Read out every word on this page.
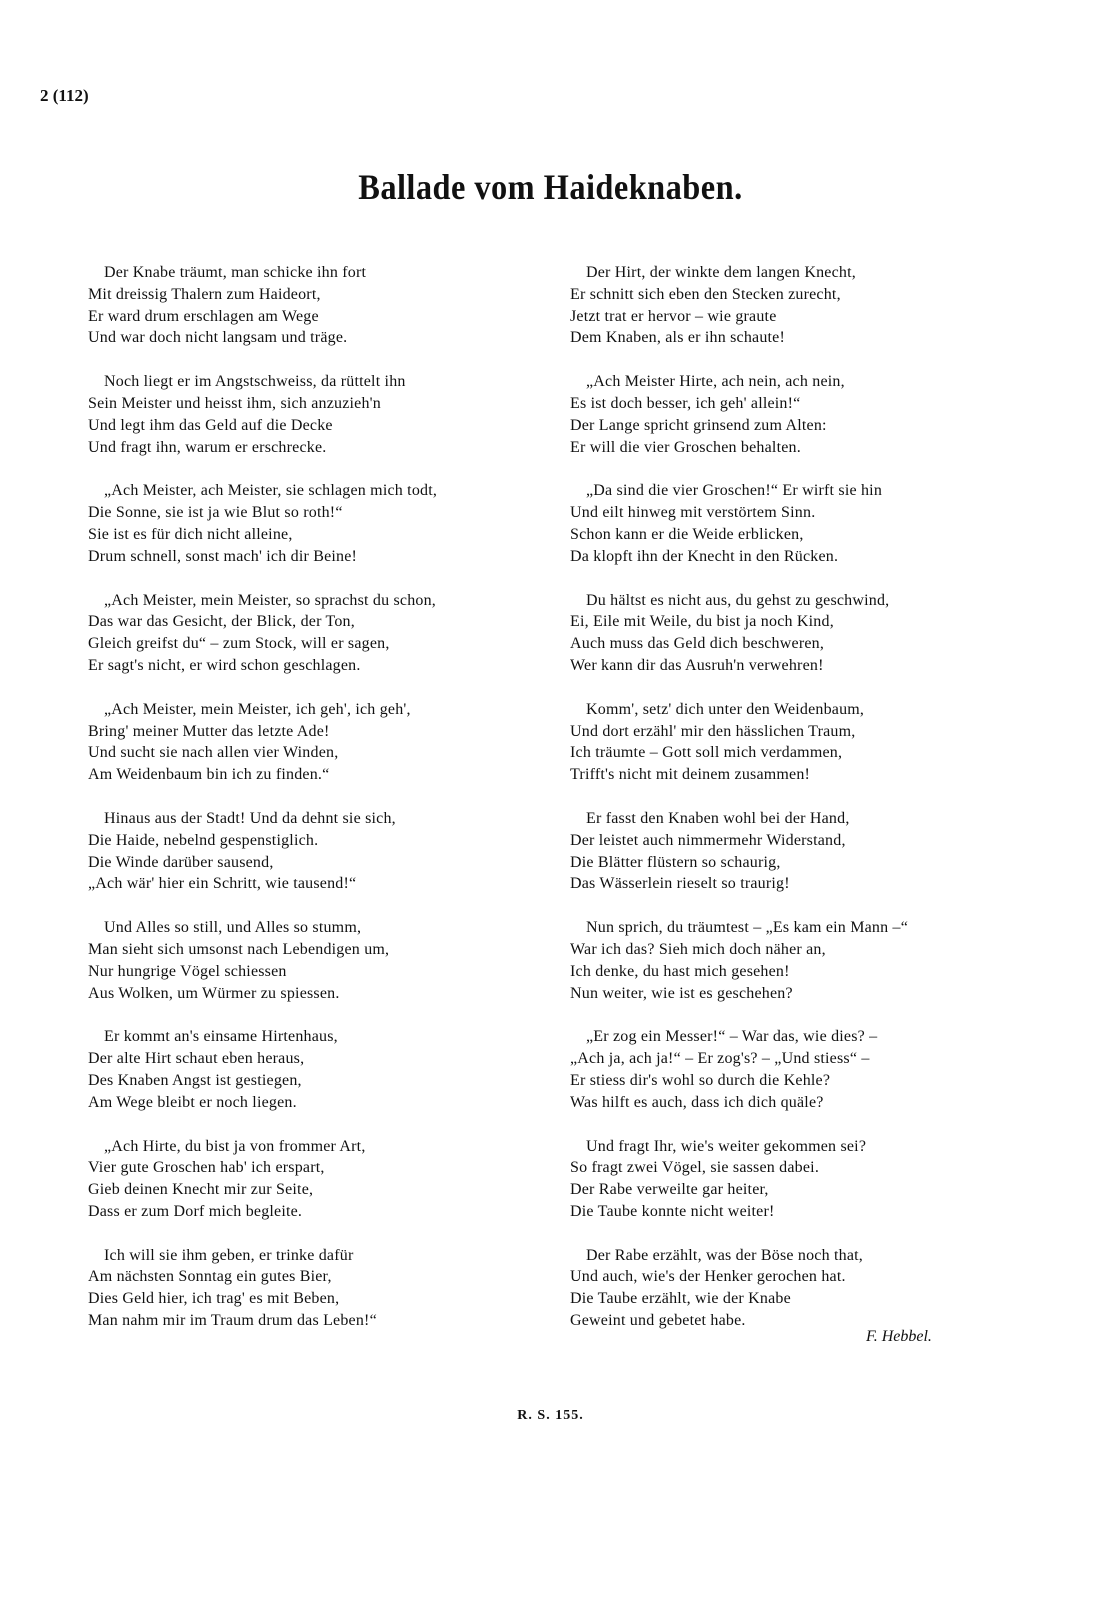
2 (112)
Ballade vom Haideknaben.
Der Knabe träumt, man schicke ihn fort
Mit dreissig Thalern zum Haideort,
Er ward drum erschlagen am Wege
Und war doch nicht langsam und träge.
Noch liegt er im Angstschweiss, da rüttelt ihn
Sein Meister und heisst ihm, sich anzuzieh'n
Und legt ihm das Geld auf die Decke
Und fragt ihn, warum er erschrecke.
„Ach Meister, ach Meister, sie schlagen mich todt,
Die Sonne, sie ist ja wie Blut so roth!“
Sie ist es für dich nicht alleine,
Drum schnell, sonst mach' ich dir Beine!
„Ach Meister, mein Meister, so sprachst du schon,
Das war das Gesicht, der Blick, der Ton,
Gleich greifst du“ – zum Stock, will er sagen,
Er sagt's nicht, er wird schon geschlagen.
„Ach Meister, mein Meister, ich geh', ich geh',
Bring' meiner Mutter das letzte Ade!
Und sucht sie nach allen vier Winden,
Am Weidenbaum bin ich zu finden.“
Hinaus aus der Stadt! Und da dehnt sie sich,
Die Haide, nebelnd gespenstiglich.
Die Winde darüber sausend,
„Ach wär' hier ein Schritt, wie tausend!“
Und Alles so still, und Alles so stumm,
Man sieht sich umsonst nach Lebendigen um,
Nur hungrige Vögel schiessen
Aus Wolken, um Würmer zu spiessen.
Er kommt an's einsame Hirtenhaus,
Der alte Hirt schaut eben heraus,
Des Knaben Angst ist gestiegen,
Am Wege bleibt er noch liegen.
„Ach Hirte, du bist ja von frommer Art,
Vier gute Groschen hab' ich erspart,
Gieb deinen Knecht mir zur Seite,
Dass er zum Dorf mich begleite.
Ich will sie ihm geben, er trinke dafür
Am nächsten Sonntag ein gutes Bier,
Dies Geld hier, ich trag' es mit Beben,
Man nahm mir im Traum drum das Leben!“
Der Hirt, der winkte dem langen Knecht,
Er schnitt sich eben den Stecken zurecht,
Jetzt trat er hervor – wie graute
Dem Knaben, als er ihn schaute!
„Ach Meister Hirte, ach nein, ach nein,
Es ist doch besser, ich geh' allein!“
Der Lange spricht grinsend zum Alten:
Er will die vier Groschen behalten.
„Da sind die vier Groschen!“ Er wirft sie hin
Und eilt hinweg mit verstörtem Sinn.
Schon kann er die Weide erblicken,
Da klopft ihn der Knecht in den Rücken.
Du hältst es nicht aus, du gehst zu geschwind,
Ei, Eile mit Weile, du bist ja noch Kind,
Auch muss das Geld dich beschweren,
Wer kann dir das Ausruh'n verwehren!
Komm', setz' dich unter den Weidenbaum,
Und dort erzähl' mir den hässlichen Traum,
Ich träumte – Gott soll mich verdammen,
Trifft's nicht mit deinem zusammen!
Er fasst den Knaben wohl bei der Hand,
Der leistet auch nimmermehr Widerstand,
Die Blätter flüstern so schaurig,
Das Wässerlein rieselt so traurig!
Nun sprich, du träumtest – „Es kam ein Mann –“
War ich das? Sieh mich doch näher an,
Ich denke, du hast mich gesehen!
Nun weiter, wie ist es geschehen?
„Er zog ein Messer!“ – War das, wie dies? –
„Ach ja, ach ja!“ – Er zog's? – „Und stiess“ –
Er stiess dir's wohl so durch die Kehle?
Was hilft es auch, dass ich dich quäle?
Und fragt Ihr, wie's weiter gekommen sei?
So fragt zwei Vögel, sie sassen dabei.
Der Rabe verweilte gar heiter,
Die Taube konnte nicht weiter!
Der Rabe erzählt, was der Böse noch that,
Und auch, wie's der Henker gerochen hat.
Die Taube erzählt, wie der Knabe
Geweint und gebetet habe.
F. Hebbel.
R. S. 155.
